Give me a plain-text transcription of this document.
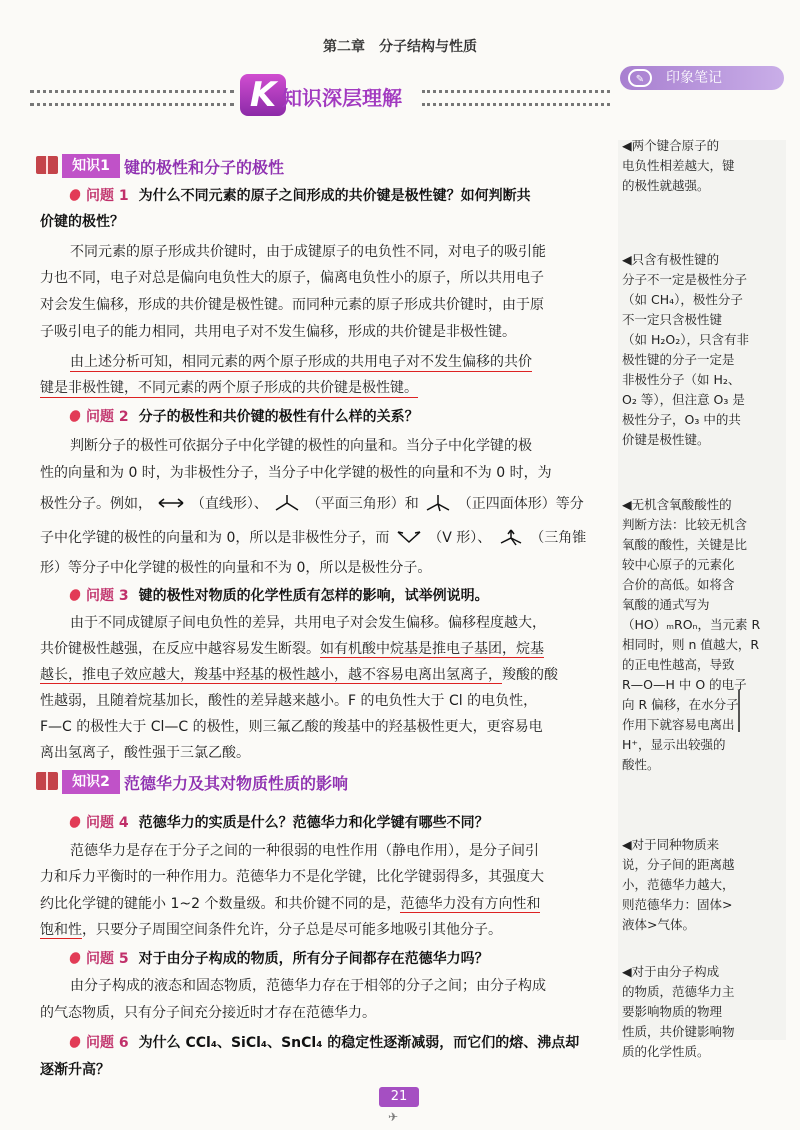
第二章　分子结构与性质
K 知识深层理解
✎	印象笔记
知识1 键的极性和分子的极性
问题 1 为什么不同元素的原子之间形成的共价键是极性键？如何判断共
价键的极性？
不同元素的原子形成共价键时，由于成键原子的电负性不同，对电子的吸引能
力也不同，电子对总是偏向电负性大的原子，偏离电负性小的原子，所以共用电子
对会发生偏移，形成的共价键是极性键。而同种元素的原子形成共价键时，由于原
子吸引电子的能力相同，共用电子对不发生偏移，形成的共价键是非极性键。
由上述分析可知，相同元素的两个原子形成的共用电子对不发生偏移的共价
键是非极性键，不同元素的两个原子形成的共价键是极性键。
问题 2 分子的极性和共价键的极性有什么样的关系？
判断分子的极性可依据分子中化学键的极性的向量和。当分子中化学键的极
性的向量和为 0 时，为非极性分子，当分子中化学键的极性的向量和不为 0 时，为
极性分子。例如，	（直线形）、	（平面三角形）和	（正四面体形）等分
子中化学键的极性的向量和为 0，所以是非极性分子，而	（V 形）、	（三角锥
形）等分子中化学键的极性的向量和不为 0，所以是极性分子。
问题 3 键的极性对物质的化学性质有怎样的影响，试举例说明。
由于不同成键原子间电负性的差异，共用电子对会发生偏移。偏移程度越大，
共价键极性越强，在反应中越容易发生断裂。如有机酸中烷基是推电子基团，烷基
越长，推电子效应越大，羧基中羟基的极性越小，越不容易电离出氢离子，羧酸的酸
性越弱，且随着烷基加长，酸性的差异越来越小。F 的电负性大于 Cl 的电负性，
F—C 的极性大于 Cl—C 的极性，则三氟乙酸的羧基中的羟基极性更大，更容易电
离出氢离子，酸性强于三氯乙酸。
知识2 范德华力及其对物质性质的影响
问题 4 范德华力的实质是什么？范德华力和化学键有哪些不同？
范德华力是存在于分子之间的一种很弱的电性作用（静电作用），是分子间引
力和斥力平衡时的一种作用力。范德华力不是化学键，比化学键弱得多，其强度大
约比化学键的键能小 1~2 个数量级。和共价键不同的是，范德华力没有方向性和
饱和性，只要分子周围空间条件允许，分子总是尽可能多地吸引其他分子。
问题 5 对于由分子构成的物质，所有分子间都存在范德华力吗？
由分子构成的液态和固态物质，范德华力存在于相邻的分子之间；由分子构成
的气态物质，只有分子间充分接近时才存在范德华力。
问题 6 为什么 CCl₄、SiCl₄、SnCl₄ 的稳定性逐渐减弱，而它们的熔、沸点却
逐渐升高？
◀两个键合原子的
电负性相差越大，键
的极性就越强。
◀只含有极性键的
分子不一定是极性分子
（如 CH₄），极性分子
不一定只含极性键
（如 H₂O₂），只含有非
极性键的分子一定是
非极性分子（如 H₂、
O₂ 等），但注意 O₃ 是
极性分子，O₃ 中的共
价键是极性键。
◀无机含氧酸酸性的
判断方法：比较无机含
氧酸的酸性，关键是比
较中心原子的元素化
合价的高低。如将含
氧酸的通式写为
（HO）ₘROₙ，当元素 R
相同时，则 n 值越大，R
的正电性越高，导致
R—O—H 中 O 的电子
向 R 偏移，在水分子
作用下就容易电离出
H⁺，显示出较强的
酸性。
◀对于同种物质来
说，分子间的距离越
小，范德华力越大，
则范德华力：固体>
液体>气体。
◀对于由分子构成
的物质，范德华力主
要影响物质的物理
性质，共价键影响物
质的化学性质。
21
✈
